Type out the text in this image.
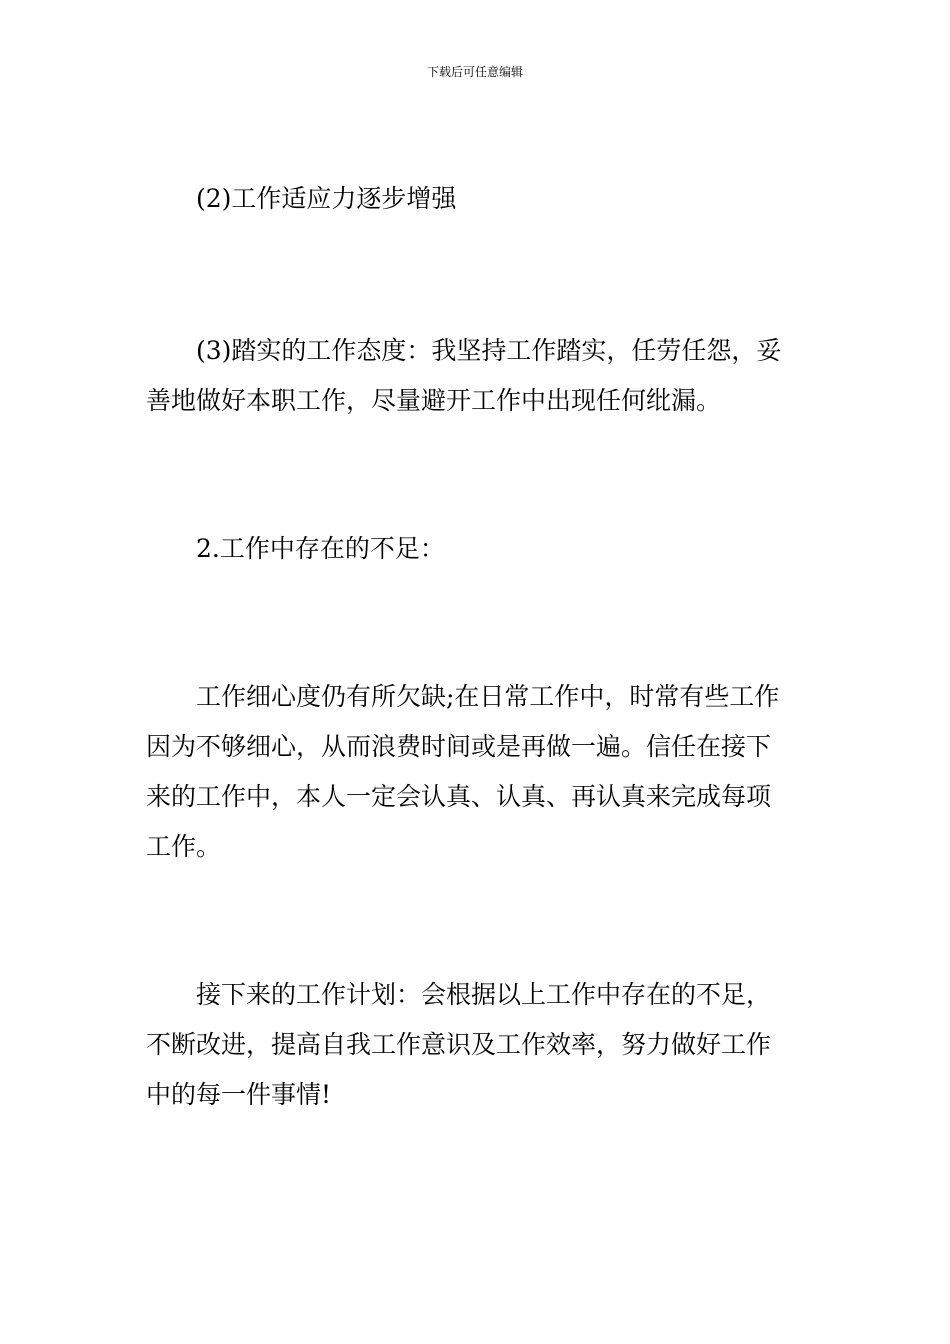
下载后可任意编辑
(2)工作适应力逐步增强
(3)踏实的工作态度：我坚持工作踏实，任劳任怨，妥
善地做好本职工作，尽量避开工作中出现任何纰漏。
2.工作中存在的不足：
工作细心度仍有所欠缺;在日常工作中，时常有些工作
因为不够细心，从而浪费时间或是再做一遍。信任在接下
来的工作中，本人一定会认真、认真、再认真来完成每项
工作。
接下来的工作计划：会根据以上工作中存在的不足，
不断改进，提高自我工作意识及工作效率，努力做好工作
中的每一件事情!
